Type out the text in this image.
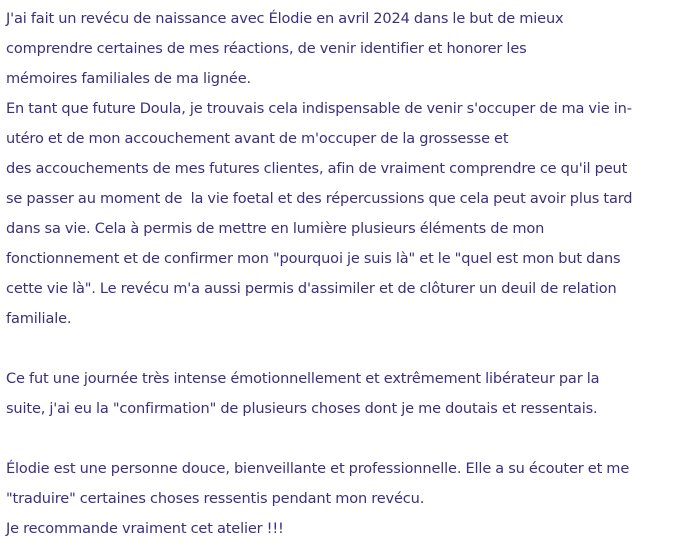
J'ai fait un revécu de naissance avec Élodie en avril 2024 dans le but de mieux
comprendre certaines de mes réactions, de venir identifier et honorer les
mémoires familiales de ma lignée.
En tant que future Doula, je trouvais cela indispensable de venir s'occuper de ma vie in-
utéro et de mon accouchement avant de m'occuper de la grossesse et
des accouchements de mes futures clientes, afin de vraiment comprendre ce qu'il peut
se passer au moment de  la vie foetal et des répercussions que cela peut avoir plus tard
dans sa vie. Cela à permis de mettre en lumière plusieurs éléments de mon
fonctionnement et de confirmer mon "pourquoi je suis là" et le "quel est mon but dans
cette vie là". Le revécu m'a aussi permis d'assimiler et de clôturer un deuil de relation
familiale.
Ce fut une journée très intense émotionnellement et extrêmement libérateur par la
suite, j'ai eu la "confirmation" de plusieurs choses dont je me doutais et ressentais.
Élodie est une personne douce, bienveillante et professionnelle. Elle a su écouter et me
"traduire" certaines choses ressentis pendant mon revécu.
Je recommande vraiment cet atelier !!!
